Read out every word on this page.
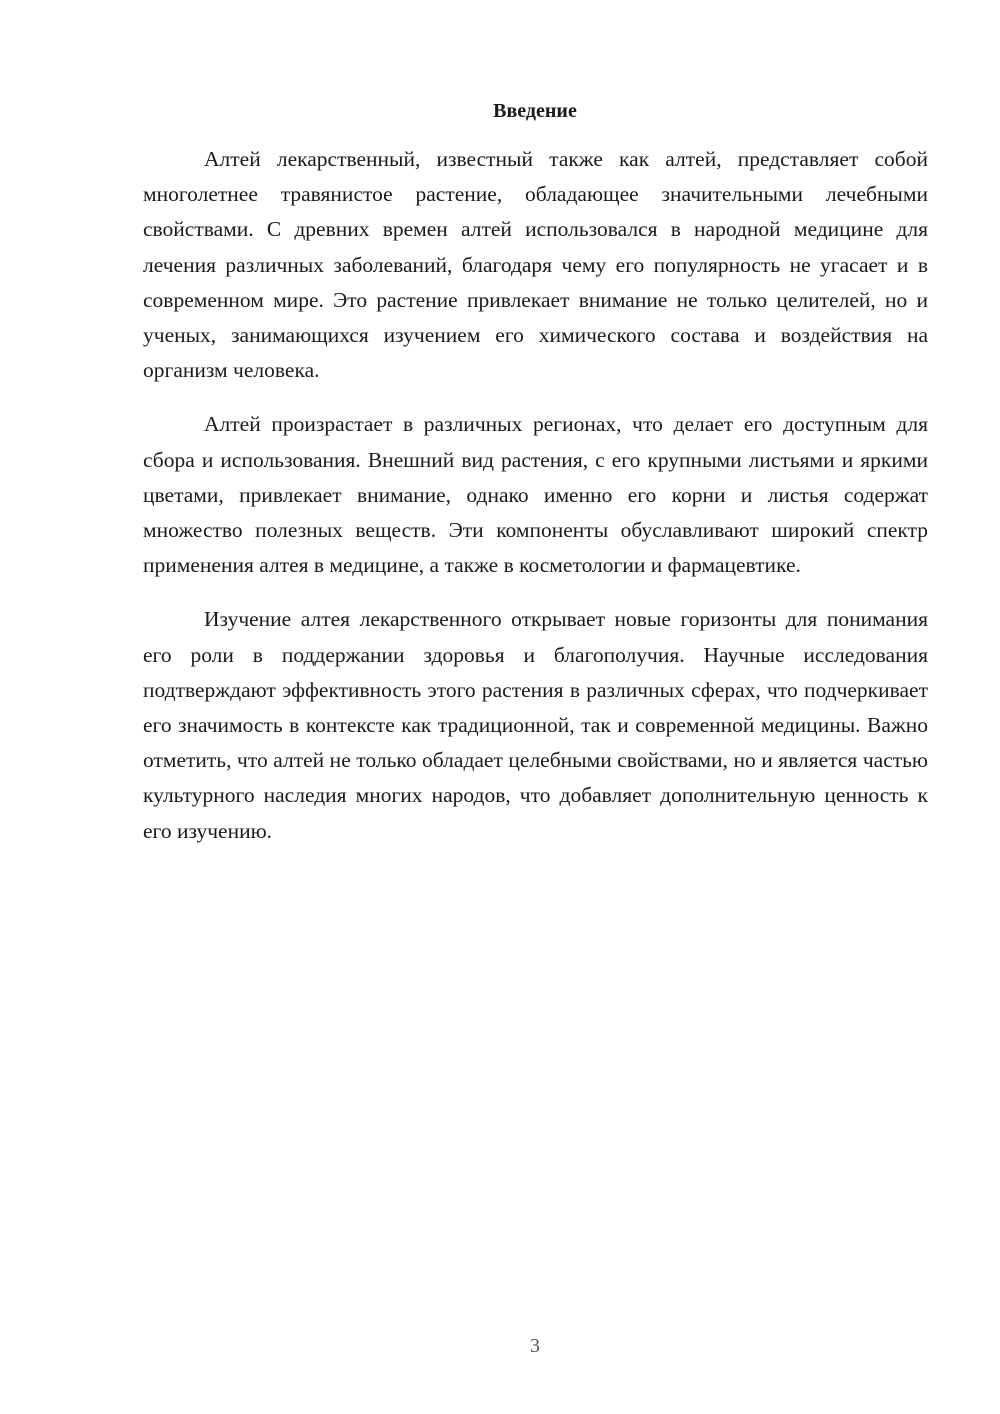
Введение

Алтей лекарственный, известный также как алтей, представляет собой многолетнее травянистое растение, обладающее значительными лечебными свойствами. С древних времен алтей использовался в народной медицине для лечения различных заболеваний, благодаря чему его популярность не угасает и в современном мире. Это растение привлекает внимание не только целителей, но и ученых, занимающихся изучением его химического состава и воздействия на организм человека.

Алтей произрастает в различных регионах, что делает его доступным для сбора и использования. Внешний вид растения, с его крупными листьями и яркими цветами, привлекает внимание, однако именно его корни и листья содержат множество полезных веществ. Эти компоненты обуславливают широкий спектр применения алтея в медицине, а также в косметологии и фармацевтике.

Изучение алтея лекарственного открывает новые горизонты для понимания его роли в поддержании здоровья и благополучия. Научные исследования подтверждают эффективность этого растения в различных сферах, что подчеркивает его значимость в контексте как традиционной, так и современной медицины. Важно отметить, что алтей не только обладает целебными свойствами, но и является частью культурного наследия многих народов, что добавляет дополнительную ценность к его изучению.

3
